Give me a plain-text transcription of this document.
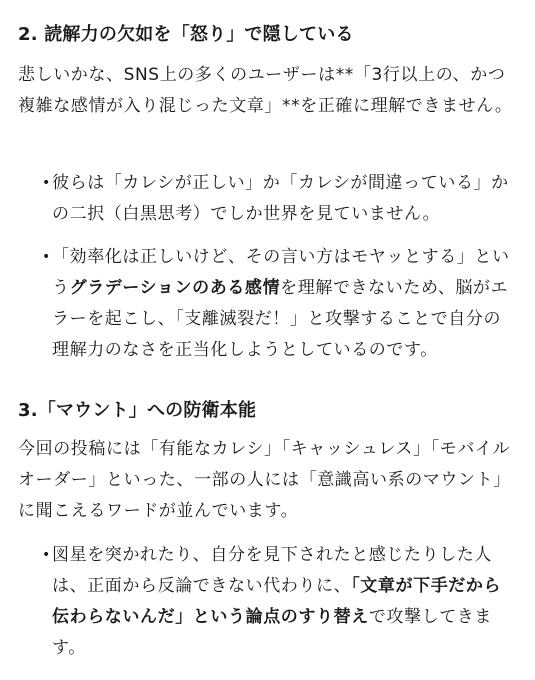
2. 読解力の欠如を「怒り」で隠している

悲しいかな、SNS上の多くのユーザーは**「3行以上の、かつ複雑な感情が入り混じった文章」**を正確に理解できません。

• 彼らは「カレシが正しい」か「カレシが間違っている」かの二択（白黒思考）でしか世界を見ていません。
• 「効率化は正しいけど、その言い方はモヤッとする」というグラデーションのある感情を理解できないため、脳がエラーを起こし、「支離滅裂だ！」と攻撃することで自分の理解力のなさを正当化しようとしているのです。
3.「マウント」への防衛本能

今回の投稿には「有能なカレシ」「キャッシュレス」「モバイルオーダー」といった、一部の人には「意識高い系のマウント」に聞こえるワードが並んでいます。

• 図星を突かれたり、自分を見下されたと感じたりした人は、正面から反論できない代わりに、「文章が下手だから伝わらないんだ」という論点のすり替えで攻撃してきます。
